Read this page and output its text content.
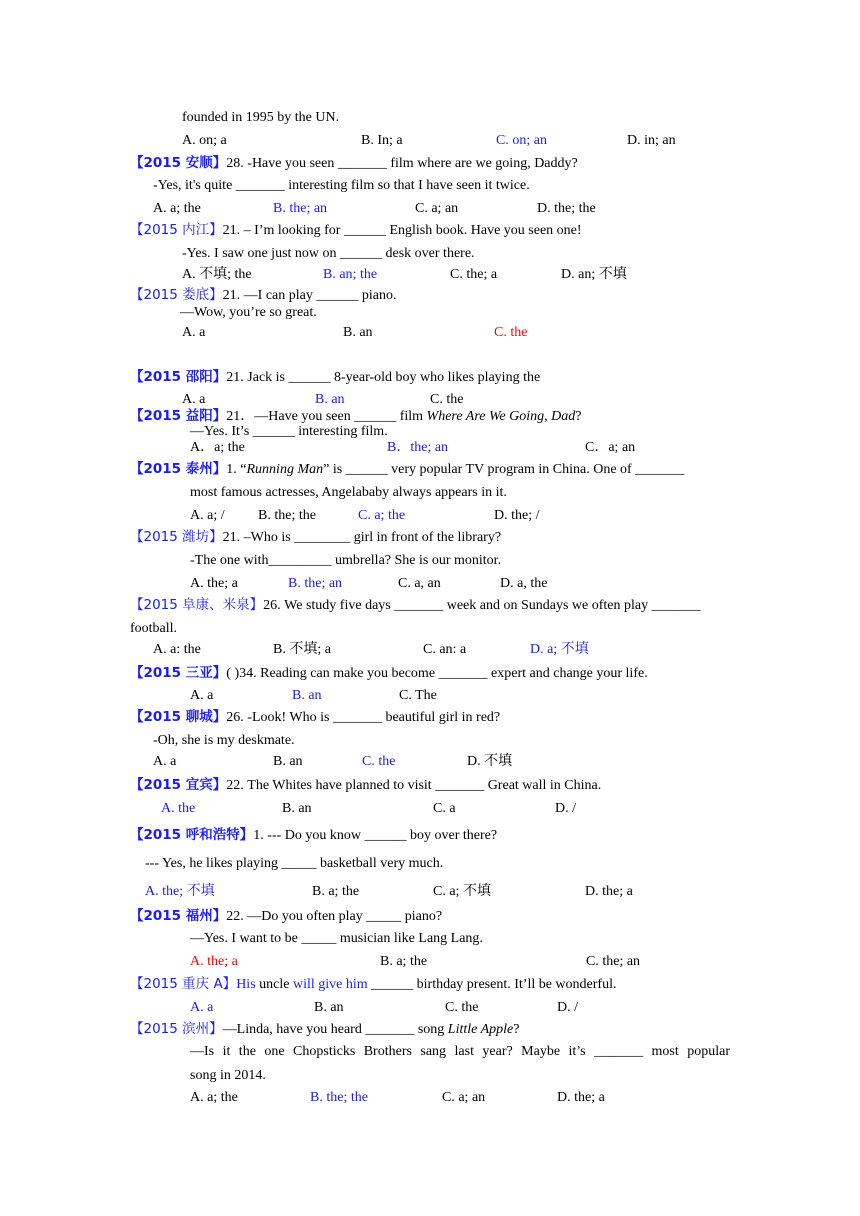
founded in 1995 by the UN.
A. on; a	B. In; a	C. on; an	D. in; an
【2015 安顺】28. -Have you seen _______ film where are we going, Daddy?
-Yes, it's quite _______ interesting film so that I have seen it twice.
A. a; the	B. the; an	C. a; an	D. the; the
【2015 内江】21. – I’m looking for ______ English book. Have you seen one!
-Yes. I saw one just now on ______ desk over there.
A. 不填; the	B. an; the	C. the; a	D. an; 不填
【2015 娄底】21. —I can play ______ piano.
—Wow, you’re so great.
A. a	B. an	C. the
【2015 邵阳】21. Jack is ______ 8-year-old boy who likes playing the
A. a	B. an	C. the
【2015 益阳】21．—Have you seen ______ film Where Are We Going, Dad?
—Yes. It’s ______ interesting film.
A．a; the	B．the; an	C．a; an
【2015 泰州】1. “Running Man” is ______ very popular TV program in China. One of _______
most famous actresses, Angelababy always appears in it.
A. a; / B. the; the	C. a; the	D. the; /
【2015 潍坊】21. –Who is ________ girl in front of the library?
-The one with_________ umbrella? She is our monitor.
A. the; a	B. the; an	C. a, an	D. a, the
【2015 阜康、米泉】26. We study five days _______ week and on Sundays we often play _______
football.
A. a: the	B. 不填; a	C. an: a	D. a; 不填
【2015 三亚】( )34. Reading can make you become _______ expert and change your life.
A. a	B. an	C. The
【2015 聊城】26. -Look! Who is _______ beautiful girl in red?
-Oh, she is my deskmate.
A. a	B. an	C. the	D. 不填
【2015 宜宾】22. The Whites have planned to visit _______ Great wall in China.
A. the	B. an	C. a	D. /
【2015 呼和浩特】1. --- Do you know ______ boy over there?
--- Yes, he likes playing _____ basketball very much.
A. the; 不填	B. a; the	C. a; 不填	D. the; a
【2015 福州】22. —Do you often play _____ piano?
—Yes. I want to be _____ musician like Lang Lang.
A. the; a	B. a; the	C. the; an
【2015 重庆 A】His uncle will give him ______ birthday present. It’ll be wonderful.
A. a	B. an	C. the	D. /
【2015 滨州】—Linda, have you heard _______ song Little Apple?
—Is it the one Chopsticks Brothers sang last year? Maybe it’s _______ most popular
song in 2014.
A. a; the	B. the; the	C. a; an	D. the; a
